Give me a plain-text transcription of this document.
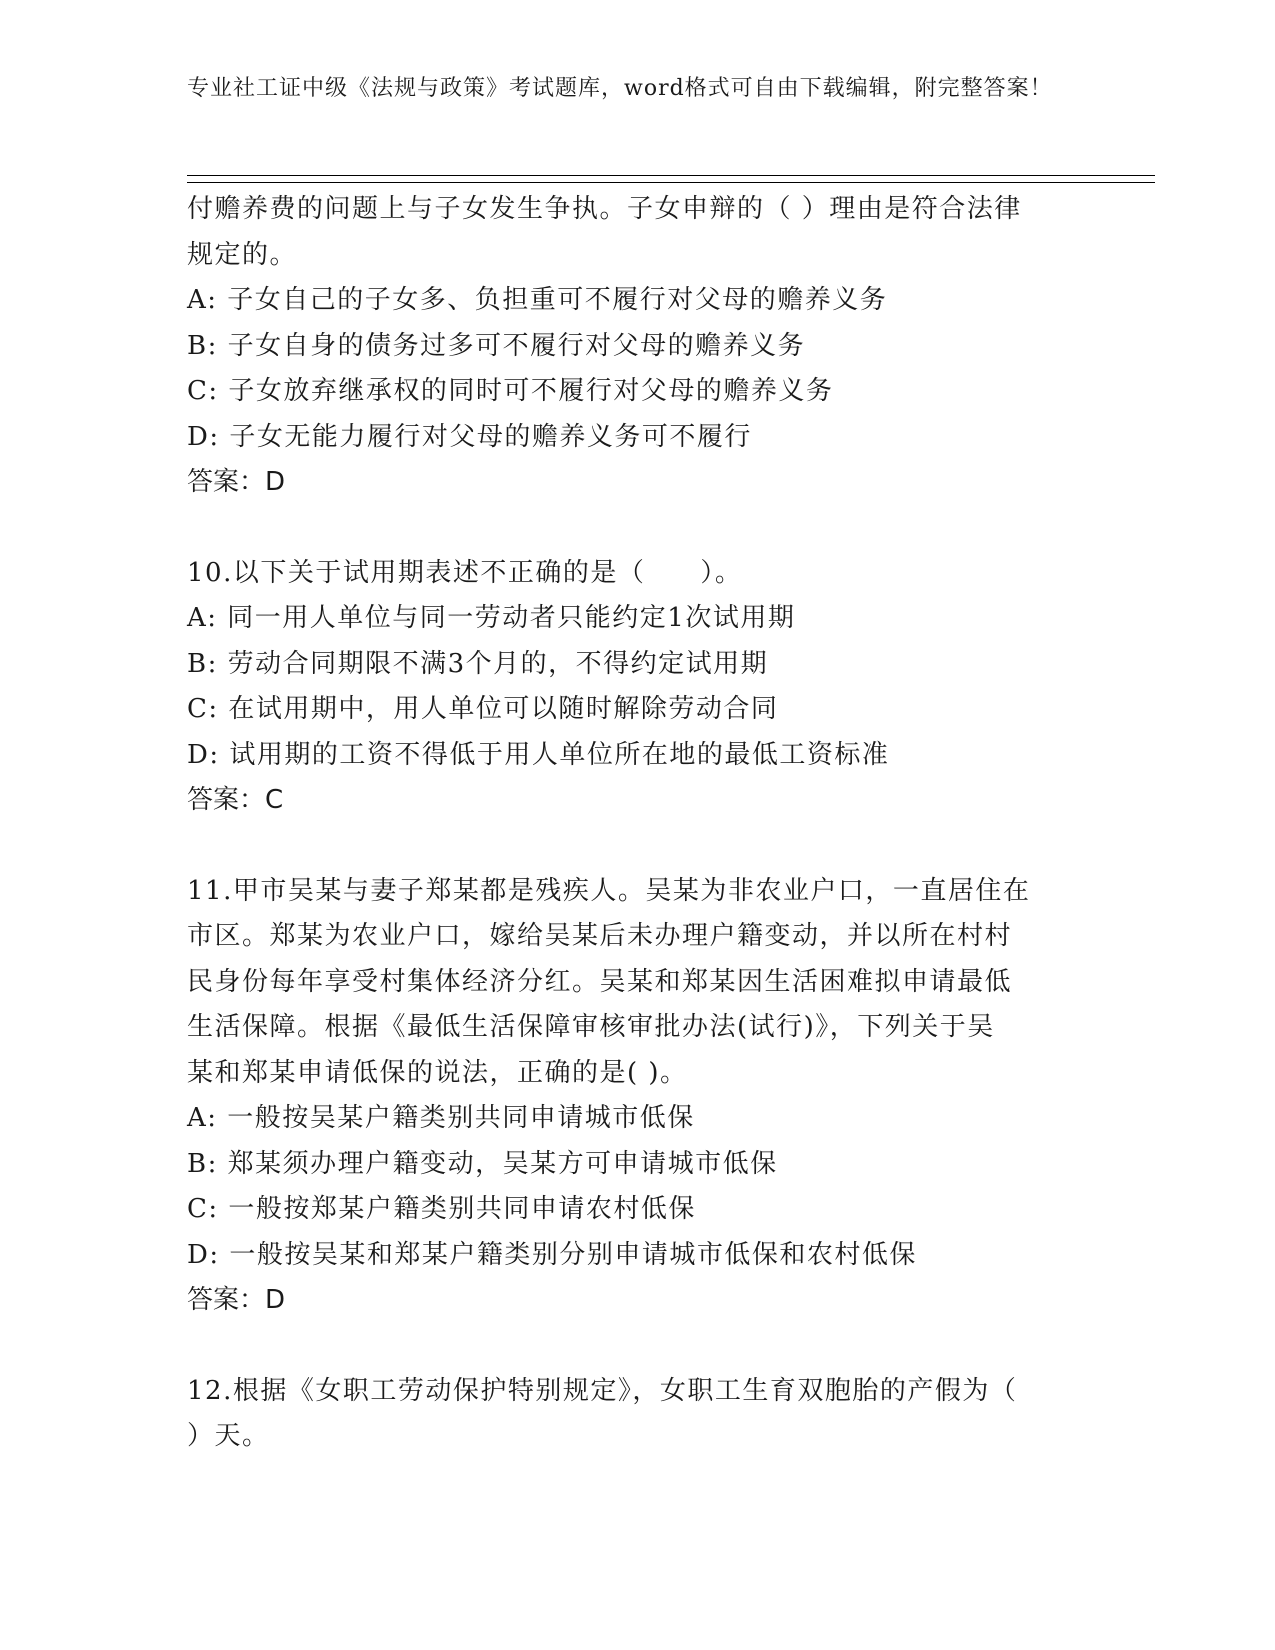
专业社工证中级《法规与政策》考试题库，word格式可自由下载编辑，附完整答案！
付赡养费的问题上与子女发生争执。子女申辩的（ ）理由是符合法律
规定的。
A: 子女自己的子女多、负担重可不履行对父母的赡养义务
B: 子女自身的债务过多可不履行对父母的赡养义务
C: 子女放弃继承权的同时可不履行对父母的赡养义务
D: 子女无能力履行对父母的赡养义务可不履行
答案：D
10.以下关于试用期表述不正确的是（　　）。
A: 同一用人单位与同一劳动者只能约定1次试用期
B: 劳动合同期限不满3个月的，不得约定试用期
C: 在试用期中，用人单位可以随时解除劳动合同
D: 试用期的工资不得低于用人单位所在地的最低工资标准
答案：C
11.甲市吴某与妻子郑某都是残疾人。吴某为非农业户口，一直居住在
市区。郑某为农业户口，嫁给吴某后未办理户籍变动，并以所在村村
民身份每年享受村集体经济分红。吴某和郑某因生活困难拟申请最低
生活保障。根据《最低生活保障审核审批办法(试行)》，下列关于吴
某和郑某申请低保的说法，正确的是( )。
A: 一般按吴某户籍类别共同申请城市低保
B: 郑某须办理户籍变动，吴某方可申请城市低保
C: 一般按郑某户籍类别共同申请农村低保
D: 一般按吴某和郑某户籍类别分别申请城市低保和农村低保
答案：D
12.根据《女职工劳动保护特别规定》，女职工生育双胞胎的产假为（
）天。
